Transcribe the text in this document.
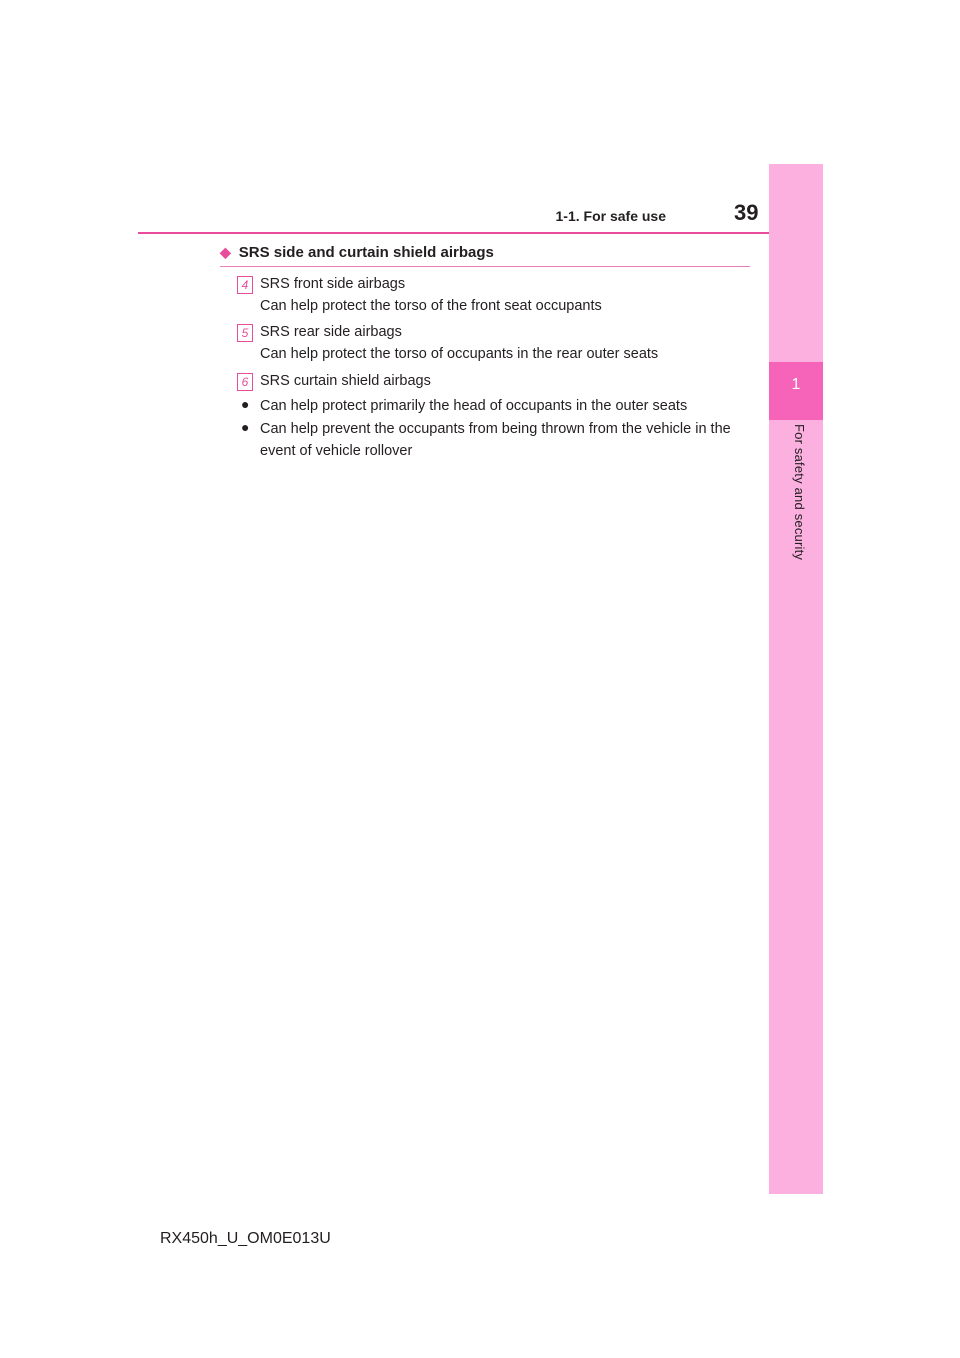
1-1. For safe use	39
1
For safety and security
◆ SRS side and curtain shield airbags
4 SRS front side airbags
Can help protect the torso of the front seat occupants
5 SRS rear side airbags
Can help protect the torso of occupants in the rear outer seats
6 SRS curtain shield airbags
● Can help protect primarily the head of occupants in the outer seats
● Can help prevent the occupants from being thrown from the vehicle in the event of vehicle rollover
RX450h_U_OM0E013U
